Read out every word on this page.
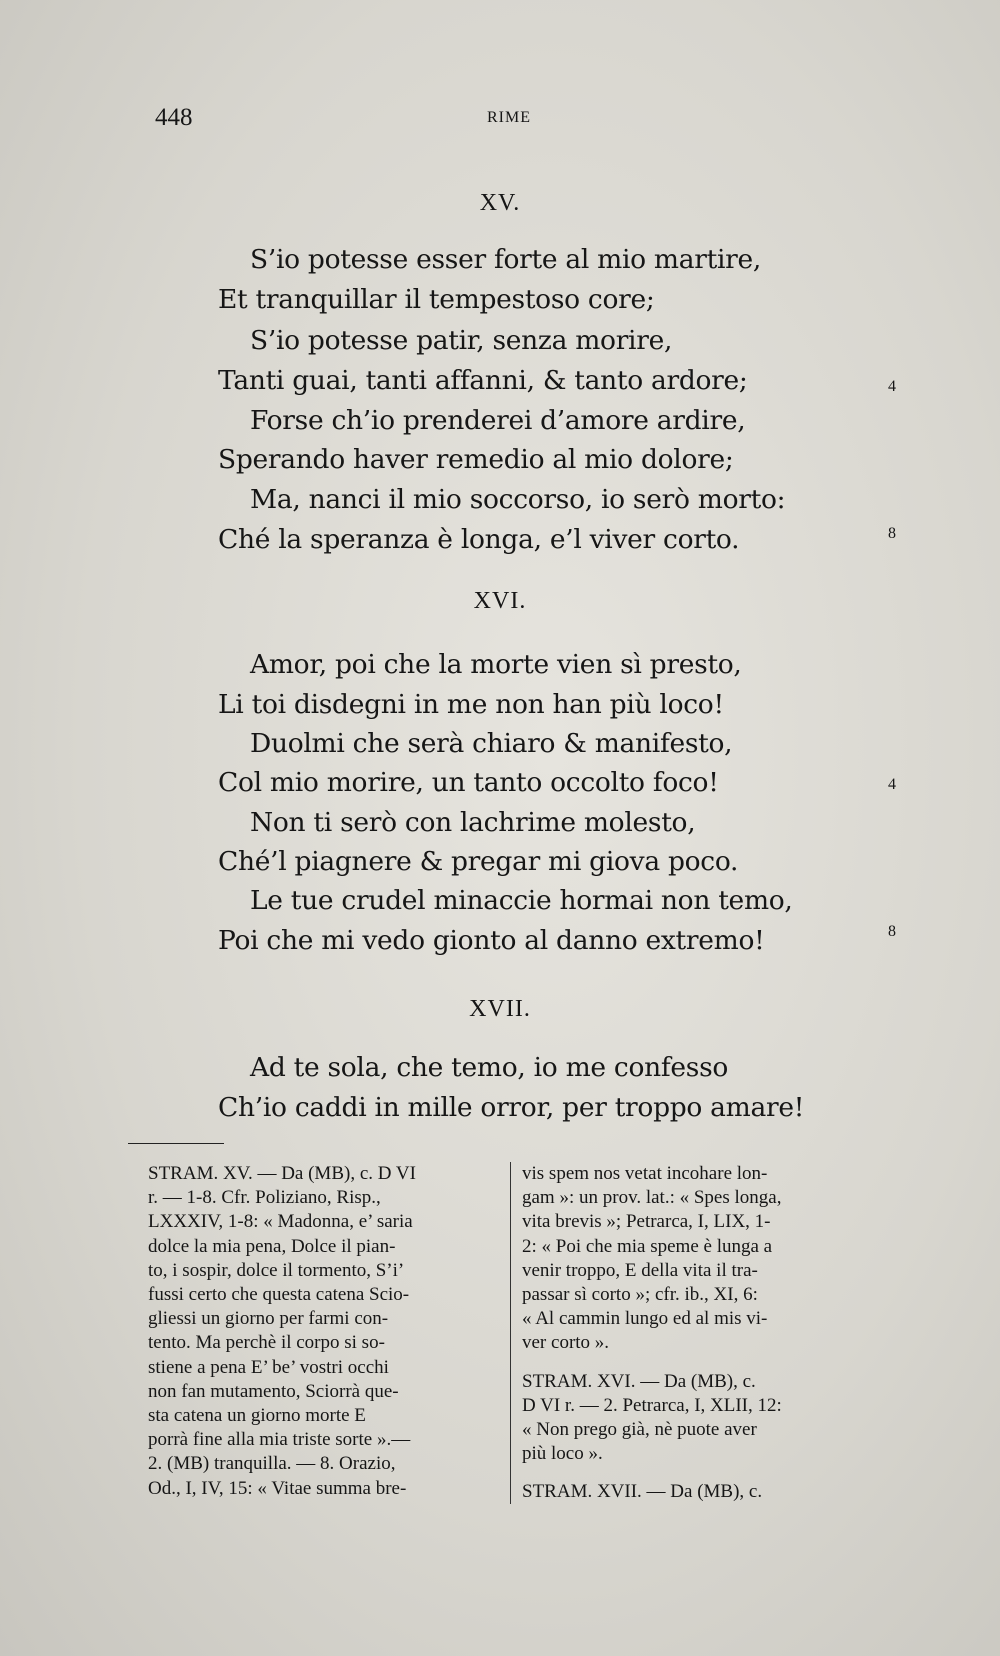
448	RIME
XV.
S’io potesse esser forte al mio martire,
Et tranquillar il tempestoso core;
S’io potesse patir, senza morire,
Tanti guai, tanti affanni, & tanto ardore;
Forse ch’io prenderei d’amore ardire,
Sperando haver remedio al mio dolore;
Ma, nanci il mio soccorso, io serò morto:
Ché la speranza è longa, e’l viver corto.
4
8
XVI.
Amor, poi che la morte vien sì presto,
Li toi disdegni in me non han più loco!
Duolmi che serà chiaro & manifesto,
Col mio morire, un tanto occolto foco!
Non ti serò con lachrime molesto,
Ché’l piagnere & pregar mi giova poco.
Le tue crudel minaccie hormai non temo,
Poi che mi vedo gionto al danno extremo!
4
8
XVII.
Ad te sola, che temo, io me confesso
Ch’io caddi in mille orror, per troppo amare!
STRAM. XV. — Da (MB), c. D VI
r. — 1-8. Cfr. Poliziano, Risp.,
LXXXIV, 1-8: « Madonna, e’ saria
dolce la mia pena, Dolce il pian-
to, i sospir, dolce il tormento, S’i’
fussi certo che questa catena Scio-
gliessi un giorno per farmi con-
tento. Ma perchè il corpo si so-
stiene a pena E’ be’ vostri occhi
non fan mutamento, Sciorrà que-
sta catena un giorno morte E
porrà fine alla mia triste sorte ».—
2. (MB) tranquilla. — 8. Orazio,
Od., I, IV, 15: « Vitae summa bre-
vis spem nos vetat incohare lon-
gam »: un prov. lat.: « Spes longa,
vita brevis »; Petrarca, I, LIX, 1-
2: « Poi che mia speme è lunga a
venir troppo, E della vita il tra-
passar sì corto »; cfr. ib., XI, 6:
« Al cammin lungo ed al mis vi-
ver corto ».
STRAM. XVI. — Da (MB), c.
D VI r. — 2. Petrarca, I, XLII, 12:
« Non prego già, nè puote aver
più loco ».
STRAM. XVII. — Da (MB), c.
